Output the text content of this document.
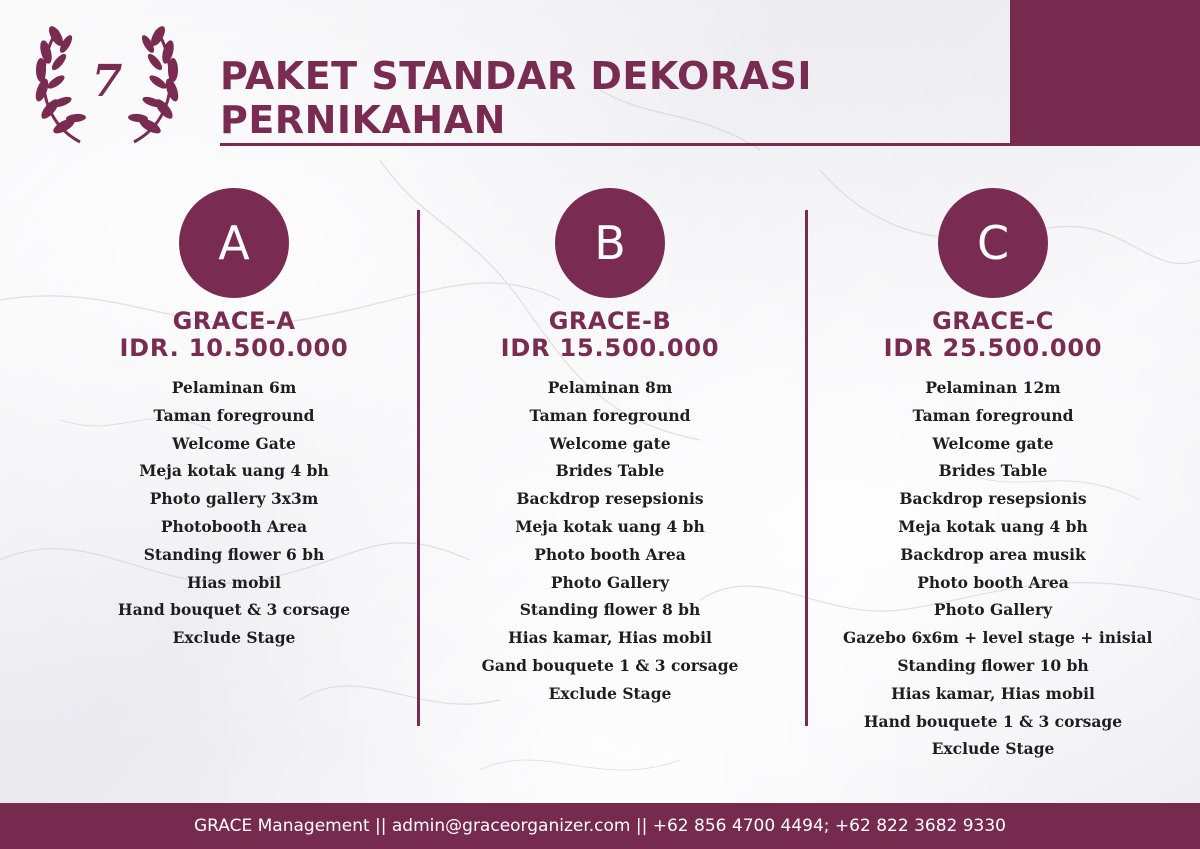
7	PAKET STANDAR DEKORASI
PERNIKAHAN
A
GRACE-A
IDR. 10.500.000
Pelaminan 6m
Taman foreground
Welcome Gate
Meja kotak uang 4 bh
Photo gallery 3x3m
Photobooth Area
Standing flower 6 bh
Hias mobil
Hand bouquet & 3 corsage
Exclude Stage
B
GRACE-B
IDR 15.500.000
Pelaminan 8m
Taman foreground
Welcome gate
Brides Table
Backdrop resepsionis
Meja kotak uang 4 bh
Photo booth Area
Photo Gallery
Standing flower 8 bh
Hias kamar, Hias mobil
Gand bouquete 1 & 3 corsage
Exclude Stage
C
GRACE-C
IDR 25.500.000
Pelaminan 12m
Taman foreground
Welcome gate
Brides Table
Backdrop resepsionis
Meja kotak uang 4 bh
Backdrop area musik
Photo booth Area
Photo Gallery
Gazebo 6x6m + level stage + inisial
Standing flower 10 bh
Hias kamar, Hias mobil
Hand bouquete 1 & 3 corsage
Exclude Stage
GRACE Management || admin@graceorganizer.com || +62 856 4700 4494; +62 822 3682 9330
